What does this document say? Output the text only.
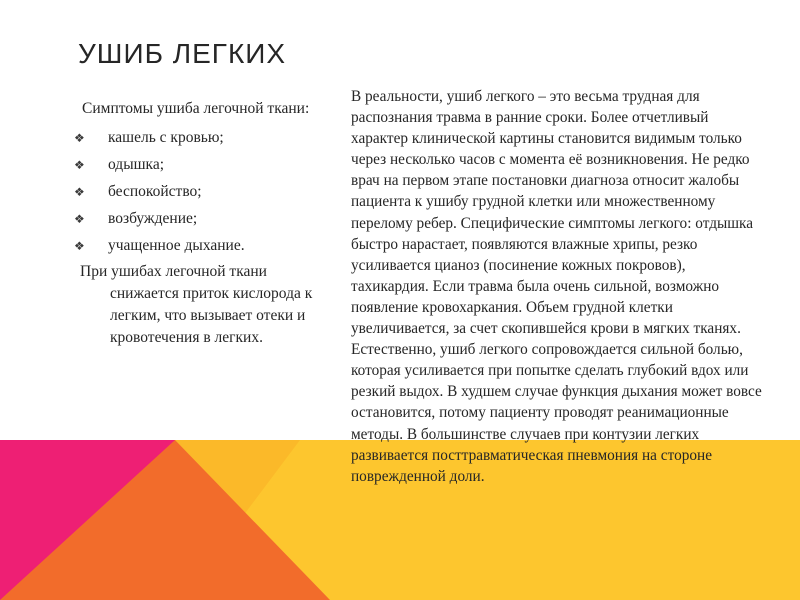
УШИБ ЛЕГКИХ
Симптомы ушиба легочной ткани:
❖	кашель с кровью;
❖	одышка;
❖	беспокойство;
❖	возбуждение;
❖	учащенное дыхание.
При ушибах легочной ткани
снижается приток кислорода к легким, что вызывает отеки и кровотечения в легких.
В реальности, ушиб легкого – это весьма трудная для распознания травма в ранние сроки. Более отчетливый характер клинической картины становится видимым только через несколько часов с момента её возникновения. Не редко врач на первом этапе постановки диагноза относит жалобы пациента к ушибу грудной клетки или множественному перелому ребер. Специфические симптомы легкого: отдышка быстро нарастает, появляются влажные хрипы, резко усиливается цианоз (посинение кожных покровов), тахикардия. Если травма была очень сильной, возможно появление кровохаркания. Объем грудной клетки увеличивается, за счет скопившейся крови в мягких тканях. Естественно, ушиб легкого сопровождается сильной болью, которая усиливается при попытке сделать глубокий вдох или резкий выдох. В худшем случае функция дыхания может вовсе остановится, потому пациенту проводят реанимационные методы. В большинстве случаев при контузии легких развивается посттравматическая пневмония на стороне поврежденной доли.
